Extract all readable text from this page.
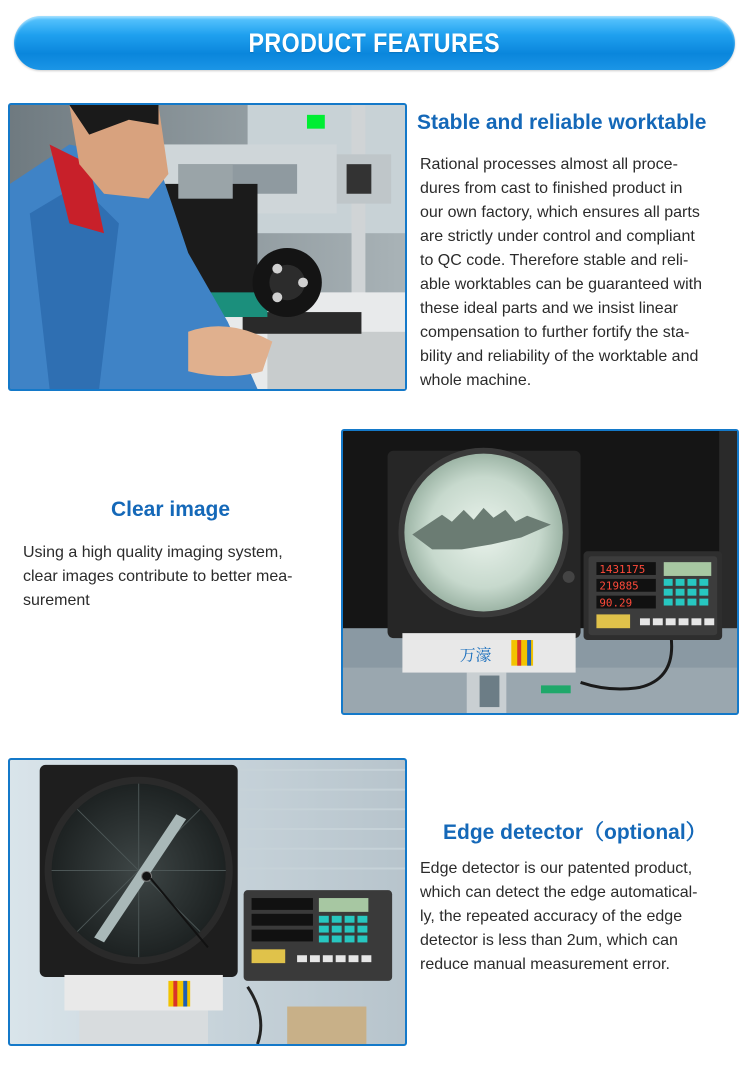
PRODUCT FEATURES
Stable and reliable worktable
Rational processes almost all proce-
dures from cast to finished product in
our own factory, which ensures all parts
are strictly under control and compliant
to QC code. Therefore stable and reli-
able worktables can be guaranteed with
these ideal parts and we insist linear
compensation to further fortify the sta-
bility and reliability of the worktable and
whole machine.
Clear image
Using a high quality imaging system,
clear images contribute to better mea-
surement
万濠
1431175
219885
90.29
Edge detector（optional）
Edge detector is our patented product,
which can detect the edge automatical-
ly, the repeated accuracy of the edge
detector is less than 2um, which can
reduce manual measurement error.
